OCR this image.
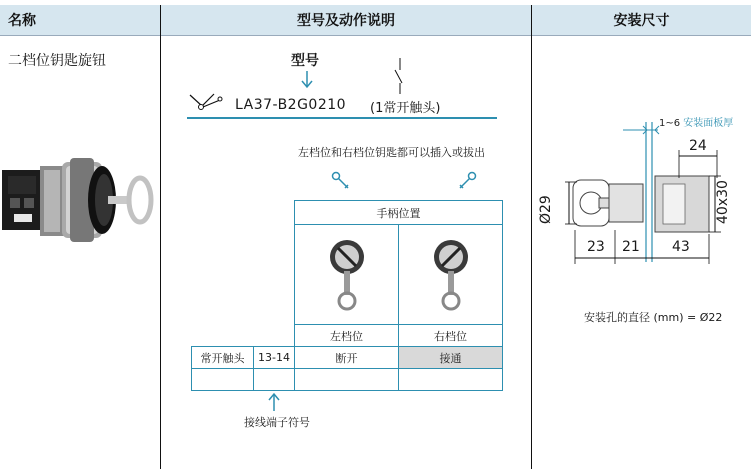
名称	型号及动作说明	安装尺寸
二档位钥匙旋钮	型号
LA37-B2G0210 (1常开触头)
左档位和右档位钥匙都可以插入或拔出
		手柄位置	

		左档位	右档位
常开触头	13-14	断开	接通

接线端子符号
1~6 安装面板厚
24
Ø29	40x30
23 21 43
安装孔的直径 (mm) = Ø22
